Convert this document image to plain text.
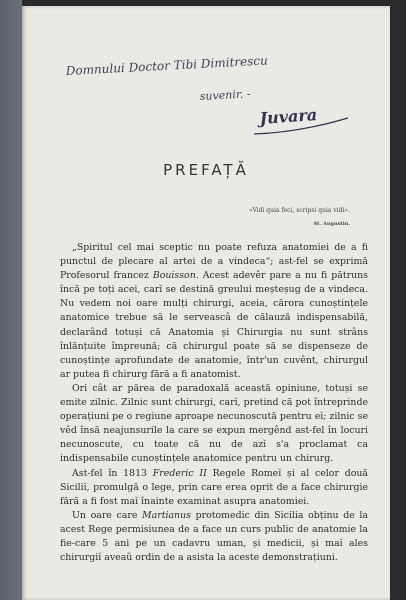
Domnului Doctor Tibi Dimitrescu
suvenir. -
Juvara
PREFAȚĂ
«Vidi quia feci, scripsi quia vidi».
St. Augustin.

„Spiritul cel mai sceptic nu poate refuza anatomiei de a fi punctul de plecare al artei de a vindeca“; ast-fel se exprimă Profesorul francez Bouisson. Acest adevěr pare a nu fi pătruns încă pe toți acei, carĭ se destină greului meșteșug de a vindeca. Nu vedem noi oare mulți chirurgi, aceia, cărora cunoștințele anatomice trebue să le serveascâ de călauză indispensabilă, declarând totuși că Anatomia și Chirurgia nu sunt strâns înlănțuite împreună; că chirurgul poate să se dispenseze de cunoștințe aprofundate de anatomie, într'un cuvênt, chirurgul ar putea fi chirurg fără a fi anatomist.

Ori cât ar părea de paradoxală această opiniune, totuși se emite zilnic. Zilnic sunt chirurgi, carĭ, pretind că pot întreprinde operațiuni pe o regiune aproape necunoscută pentru eĭ; zilnic se věd însă neajunsurile la care se expun mergênd ast-fel în locuri necunoscute, cu toate că nu de azĭ s'a proclamat ca indispensabile cunoștințele anatomice pentru un chirurg.

Ast-fel în 1813 Frederic II Regele Romeĭ și al celor două Siciliĭ, promulgă o lege, prin care erea oprit de a face chirurgie fără a fi fost maĭ înainte examinat asupra anatomiei.

Un oare care Martianus protomedic din Sicilia obținu de la acest Rege permisiunea de a face un curs public de anatomie la fie-care 5 ani pe un cadavru uman, și medicii, și maĭ ales chirurgiĭ aveaŭ ordin de a asista la aceste demonstrațiuni.
